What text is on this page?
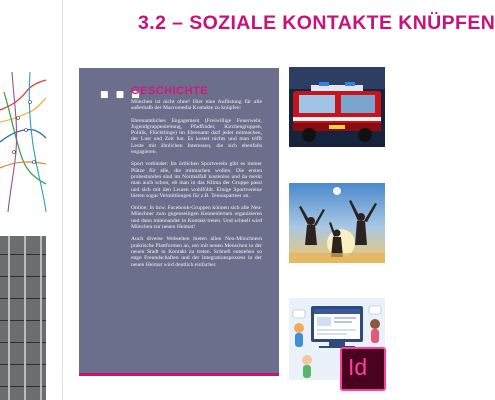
3.2 – SOZIALE KONTAKTE KNÜPFEN
■ ■ ■
GESCHICHTE

München ist nicht ohne! Hier eine Auflistung für alle außerhalb der Macromedia Kontakte zu knüpfen:

Ehrenamtliches Engagement (Freiwillige Feuerwehr, Jugendgruppenleitung, Pfadfinder, Kirchengruppen, Politik, Flüchtlinge) im Ehrenamt darf jeder mitmachen, der Lust und Zeit hat. Es kostet nichts und man trifft Leute mit ähnlichen Interessen, die sich ebenfalls engagieren.

Sport verbindet: Im örtlichen Sportverein gibt es immer Plätze für alle, die mitmachen wollen. Die ersten probestunden sind im Normalfall kostenlos und da merkt man auch schon, ob man in das Klima der Gruppe passt und sich mit den Leuten wohlfühlt. Einige Sportvereine bieten sogar Vermittlungen für z.B. Tennispartner an.

Online: In bzw. Facebook-Gruppen können sich alle Neu-Münchner zum gegenseitigen Kennenlernen organisieren und dann miteinander in Kontakt treten. Und schnell wird München zur neuen Heimat!

Auch diverse Webseiten bieten allen Neu-Münchnern praktische Plattformen an, um mit neuen Menschen in der neuen Stadt in Kontakt zu treten. Schnell entstehen so enge Freundschaften und der Integrationsprozess in der neuen Heimat wird deutlich einfacher.

Id
